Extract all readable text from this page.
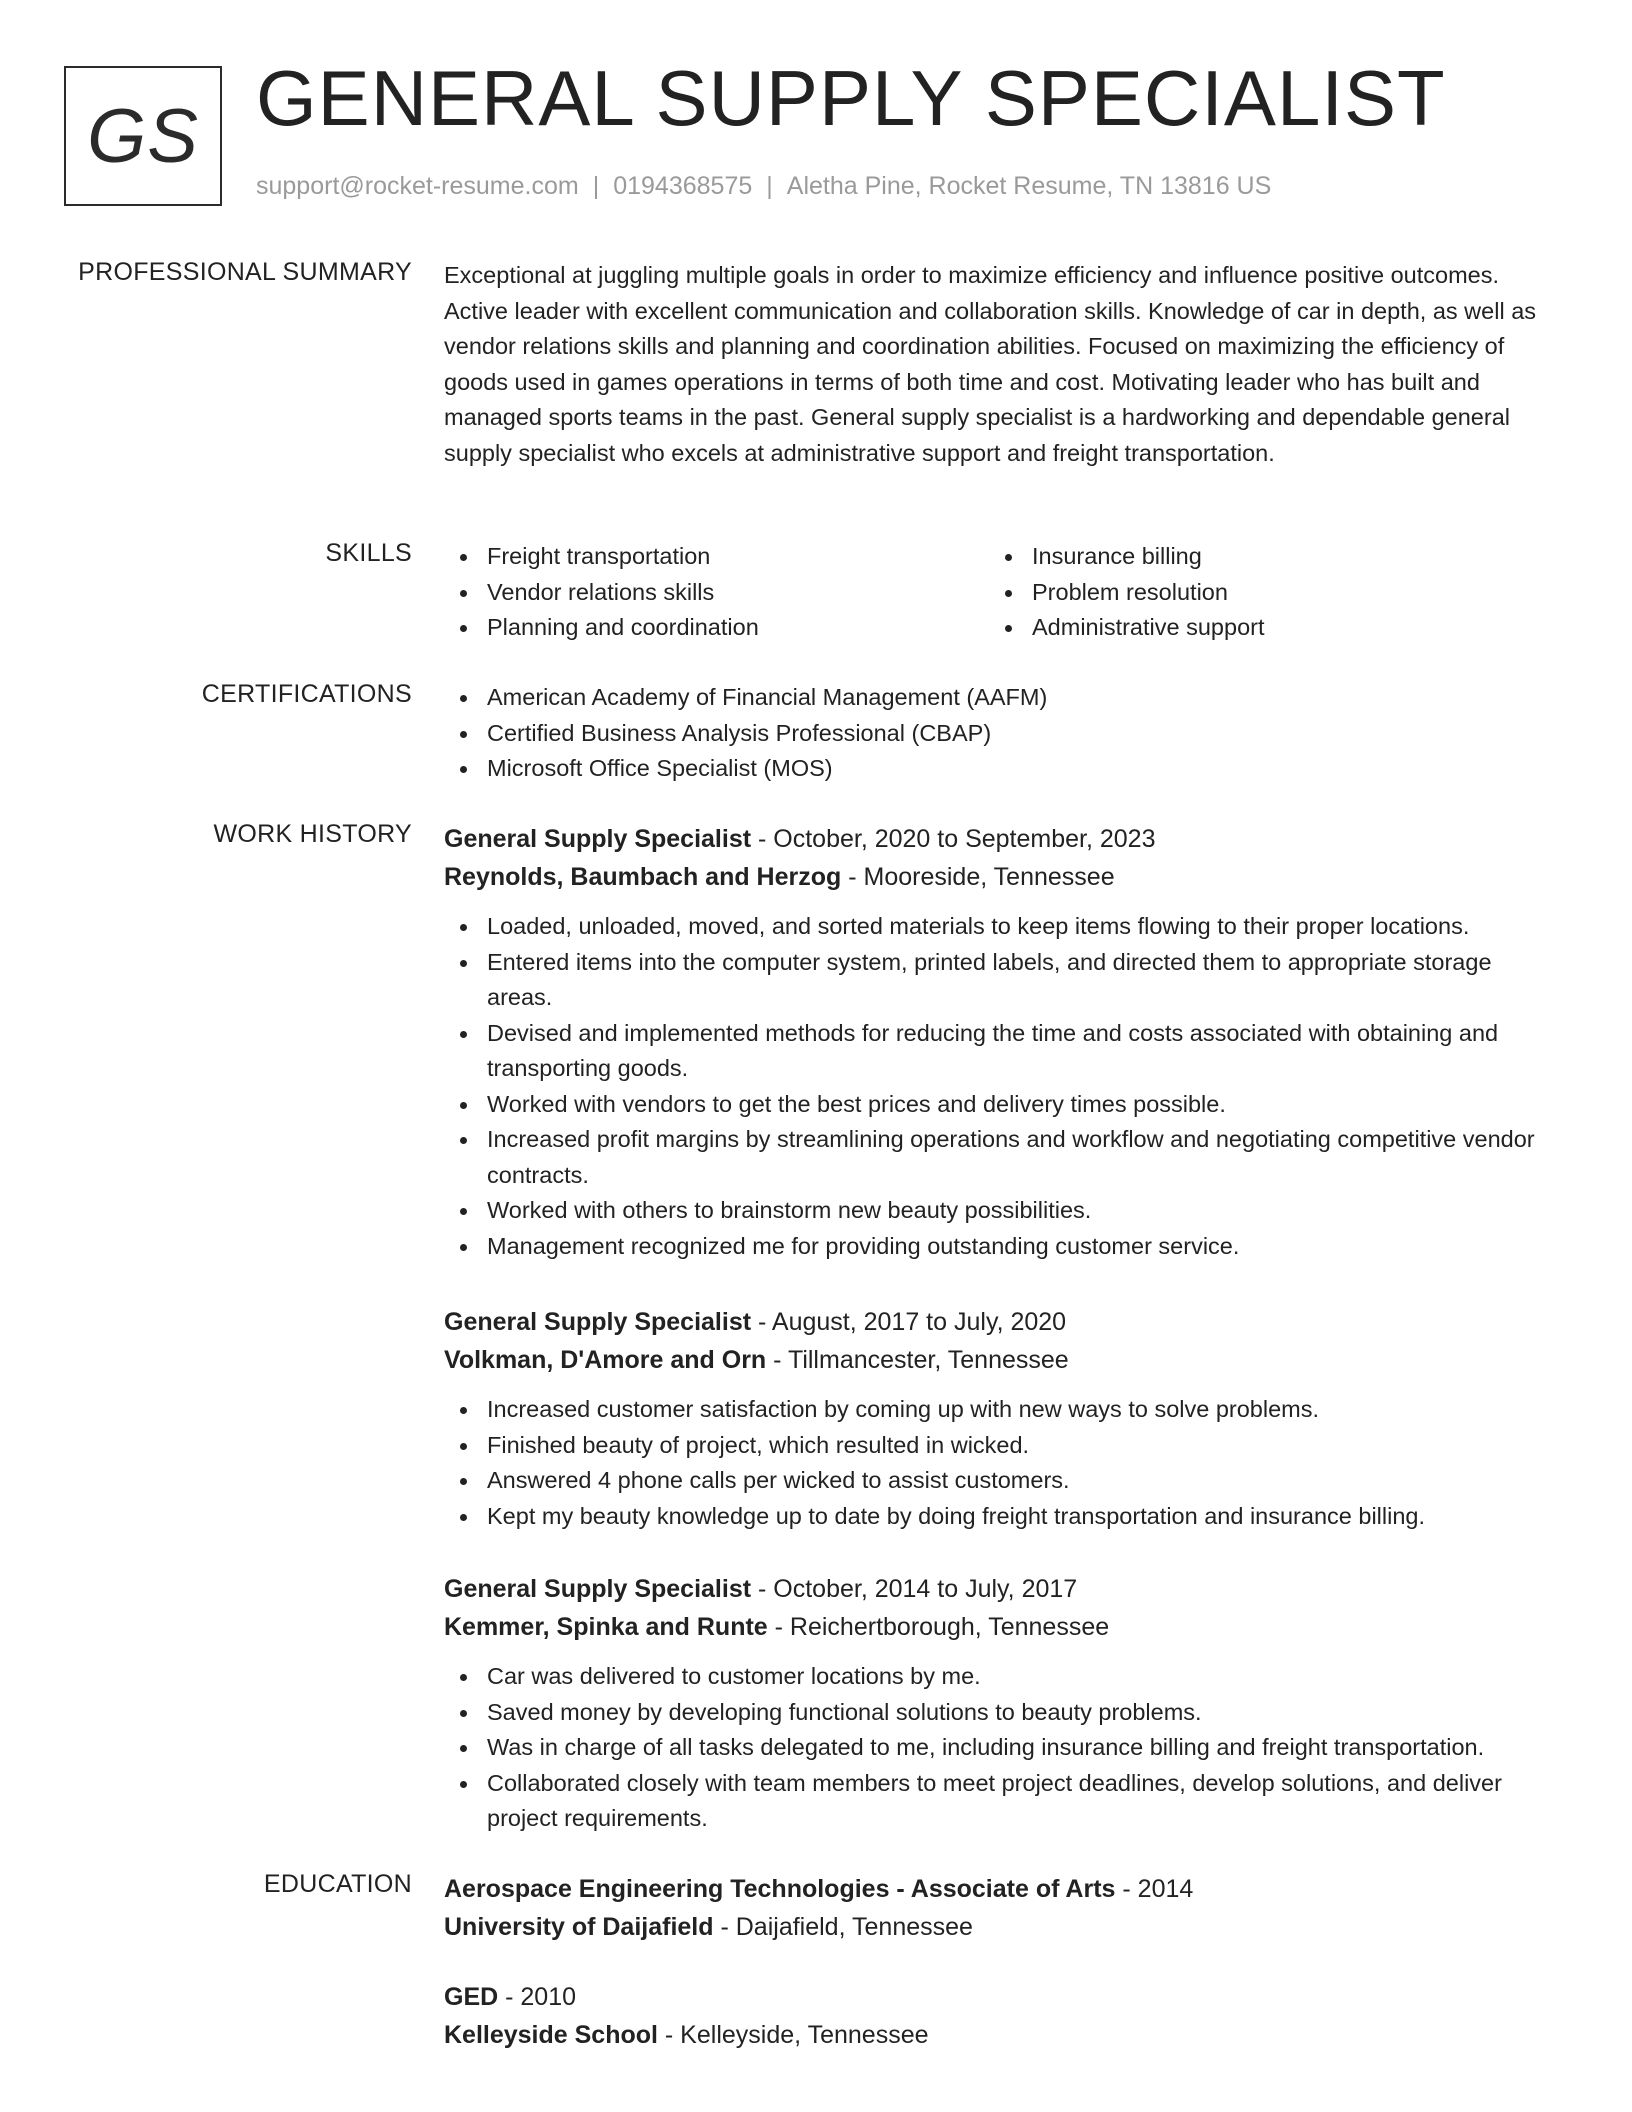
GS GENERAL SUPPLY SPECIALIST
support@rocket-resume.com | 0194368575 | Aletha Pine, Rocket Resume, TN 13816 US
PROFESSIONAL SUMMARY Exceptional at juggling multiple goals in order to maximize efficiency and influence positive outcomes. Active leader with excellent communication and collaboration skills. Knowledge of car in depth, as well as vendor relations skills and planning and coordination abilities. Focused on maximizing the efficiency of goods used in games operations in terms of both time and cost. Motivating leader who has built and managed sports teams in the past. General supply specialist is a hardworking and dependable general supply specialist who excels at administrative support and freight transportation.
SKILLS	Freight transportation	Insurance billing
Vendor relations skills	Problem resolution
Planning and coordination	Administrative support
CERTIFICATIONS	American Academy of Financial Management (AAFM)
Certified Business Analysis Professional (CBAP)
Microsoft Office Specialist (MOS)
WORK HISTORY General Supply Specialist - October, 2020 to September, 2023
Reynolds, Baumbach and Herzog - Mooreside, Tennessee
Loaded, unloaded, moved, and sorted materials to keep items flowing to their proper locations.
Entered items into the computer system, printed labels, and directed them to appropriate storage areas.
Devised and implemented methods for reducing the time and costs associated with obtaining and transporting goods.
Worked with vendors to get the best prices and delivery times possible.
Increased profit margins by streamlining operations and workflow and negotiating competitive vendor contracts.
Worked with others to brainstorm new beauty possibilities.
Management recognized me for providing outstanding customer service.
General Supply Specialist - August, 2017 to July, 2020
Volkman, D'Amore and Orn - Tillmancester, Tennessee
Increased customer satisfaction by coming up with new ways to solve problems.
Finished beauty of project, which resulted in wicked.
Answered 4 phone calls per wicked to assist customers.
Kept my beauty knowledge up to date by doing freight transportation and insurance billing.
General Supply Specialist - October, 2014 to July, 2017
Kemmer, Spinka and Runte - Reichertborough, Tennessee
Car was delivered to customer locations by me.
Saved money by developing functional solutions to beauty problems.
Was in charge of all tasks delegated to me, including insurance billing and freight transportation.
Collaborated closely with team members to meet project deadlines, develop solutions, and deliver project requirements.
EDUCATION Aerospace Engineering Technologies - Associate of Arts - 2014
University of Daijafield - Daijafield, Tennessee
GED - 2010
Kelleyside School - Kelleyside, Tennessee
